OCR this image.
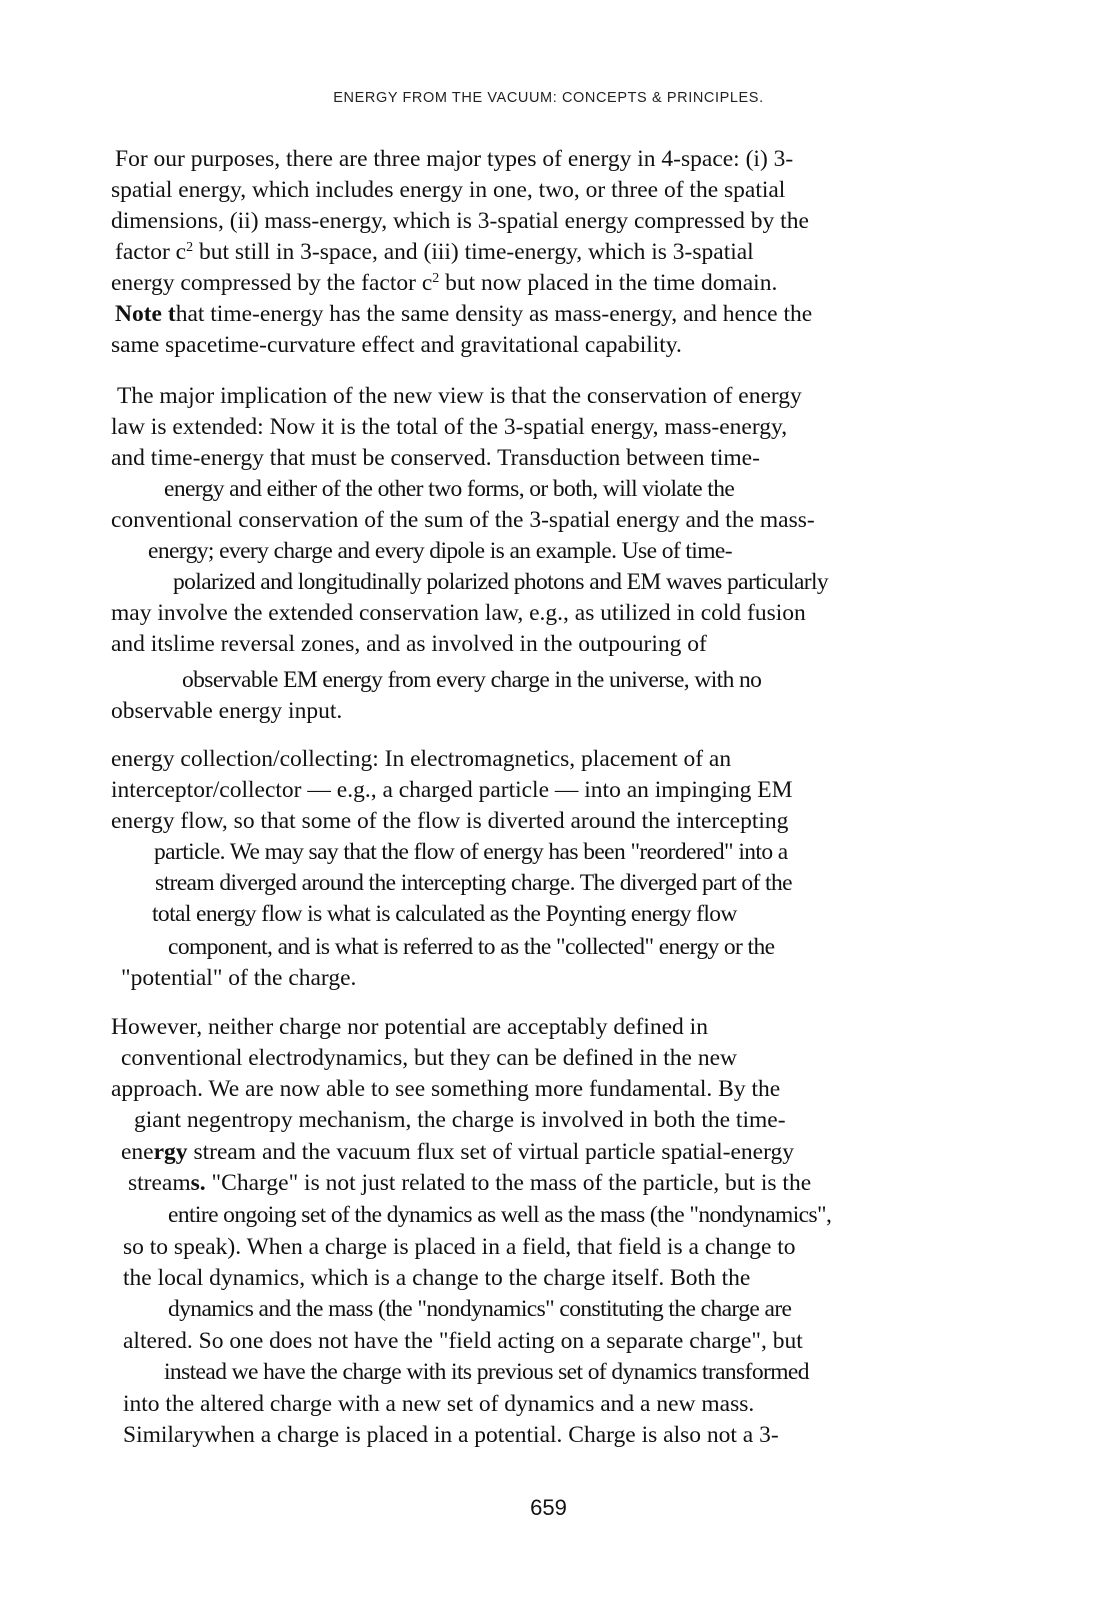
ENERGY FROM THE VACUUM: CONCEPTS & PRINCIPLES.
For our purposes, there are three major types of energy in 4-space: (i) 3-
spatial energy, which includes energy in one, two, or three of the spatial
dimensions, (ii) mass-energy, which is 3-spatial energy compressed by the
factor $c^2$ but still in 3-space, and (iii) time-energy, which is 3-spatial
energy compressed by the factor $c^2$ but now placed in the time domain.
Note that time-energy has the same density as mass-energy, and hence the
same spacetime-curvature effect and gravitational capability.
The major implication of the new view is that the conservation of energy
law is extended: Now it is the total of the 3-spatial energy, mass-energy,
and time-energy that must be conserved. Transduction between time-
energy and either of the other two forms, or both, will violate the
conventional conservation of the sum of the 3-spatial energy and the mass-
energy; every charge and every dipole is an example. Use of time-
polarized and longitudinally polarized photons and EM waves particularly
may involve the extended conservation law, e.g., as utilized in cold fusion
and itslime reversal zones, and as involved in the outpouring of
observable EM energy from every charge in the universe, with no
observable energy input.
energy collection/collecting: In electromagnetics, placement of an
interceptor/collector — e.g., a charged particle — into an impinging EM
energy flow, so that some of the flow is diverted around the intercepting
particle. We may say that the flow of energy has been "reordered" into a
stream diverged around the intercepting charge. The diverged part of the
total energy flow is what is calculated as the Poynting energy flow
component, and is what is referred to as the "collected" energy or the
"potential" of the charge.
However, neither charge nor potential are acceptably defined in
conventional electrodynamics, but they can be defined in the new
approach. We are now able to see something more fundamental. By the
giant negentropy mechanism, the charge is involved in both the time-
energy stream and the vacuum flux set of virtual particle spatial-energy
streams. "Charge" is not just related to the mass of the particle, but is the
entire ongoing set of the dynamics as well as the mass (the "nondynamics",
so to speak). When a charge is placed in a field, that field is a change to
the local dynamics, which is a change to the charge itself. Both the
dynamics and the mass (the "nondynamics" constituting the charge are
altered. So one does not have the "field acting on a separate charge", but
instead we have the charge with its previous set of dynamics transformed
into the altered charge with a new set of dynamics and a new mass.
Similarywhen a charge is placed in a potential. Charge is also not a 3-
659
